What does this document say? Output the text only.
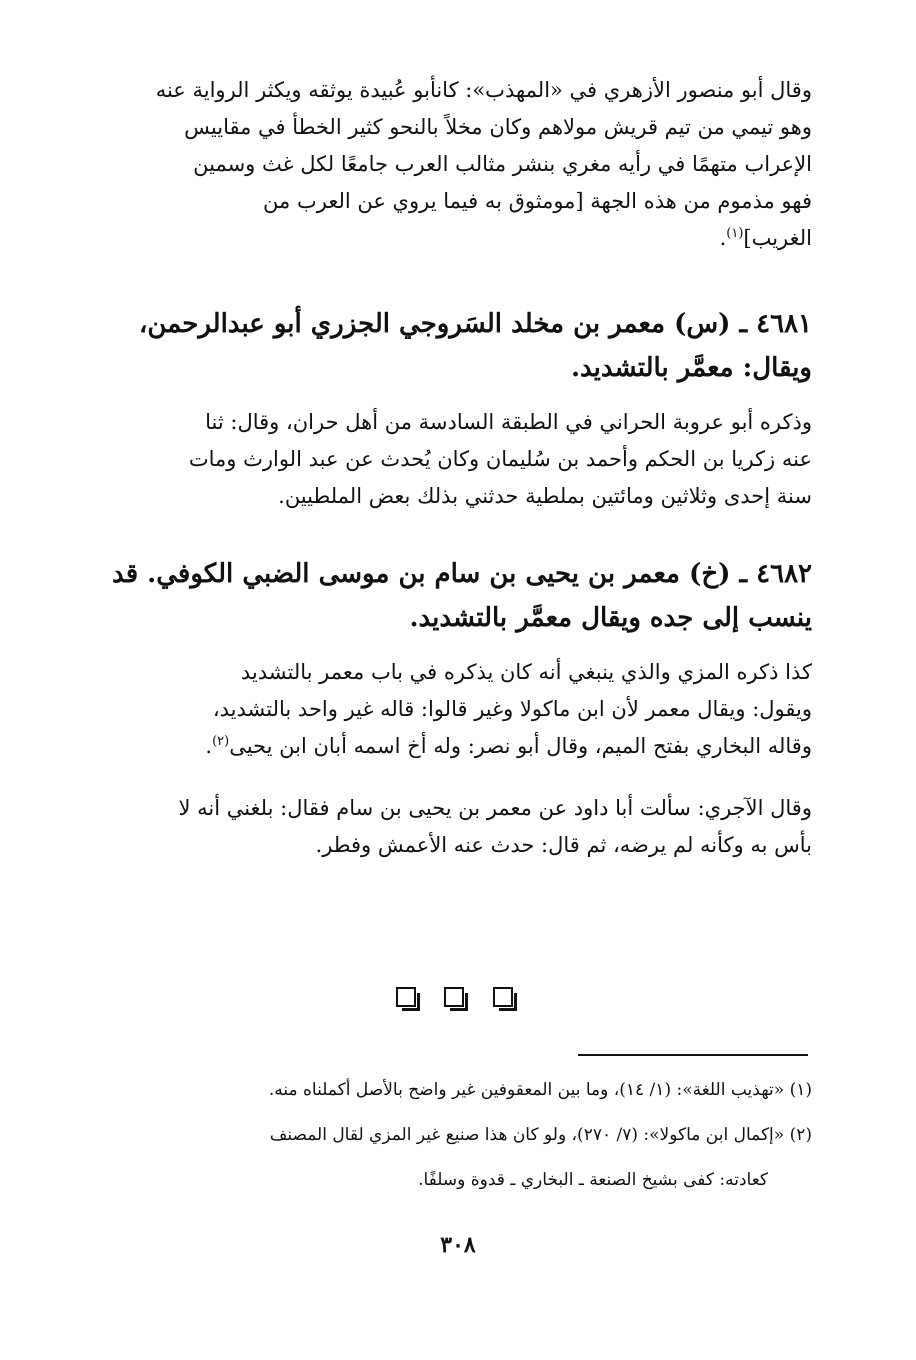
وقال أبو منصور الأزهري في «المهذب»: كانأبو عُبيدة يوثقه ويكثر الرواية عنه
وهو تيمي من تيم قريش مولاهم وكان مخلاً بالنحو كثير الخطأ في مقاييس
الإعراب متهمًا في رأيه مغري بنشر مثالب العرب جامعًا لكل غث وسمين
فهو مذموم من هذه الجهة [مومثوق به فيما يروي عن العرب من
الغريب]$^{(١)}$.
٤٦٨١ ـ (س) معمر بن مخلد السَروجي الجزري أبو عبدالرحمن،
ويقال: معمَّر بالتشديد.
وذكره أبو عروبة الحراني في الطبقة السادسة من أهل حران، وقال: ثنا
عنه زكريا بن الحكم وأحمد بن سُليمان وكان يُحدث عن عبد الوارث ومات
سنة إحدى وثلاثين ومائتين بملطية حدثني بذلك بعض الملطيين.
٤٦٨٢ ـ (خ) معمر بن يحيى بن سام بن موسى الضبي الكوفي. قد
ينسب إلى جده ويقال معمَّر بالتشديد.
كذا ذكره المزي والذي ينبغي أنه كان يذكره في باب معمر بالتشديد
ويقول: ويقال معمر لأن ابن ماكولا وغير قالوا: قاله غير واحد بالتشديد،
وقاله البخاري بفتح الميم، وقال أبو نصر: وله أخ اسمه أبان ابن يحيى$^{(٢)}$.
وقال الآجري: سألت أبا داود عن معمر بن يحيى بن سام فقال: بلغني أنه لا
بأس به وكأنه لم يرضه، ثم قال: حدث عنه الأعمش وفطر.
(١) «تهذيب اللغة»: (١/ ١٤)، وما بين المعقوفين غير واضح بالأصل أكملناه منه.
(٢) «إكمال ابن ماكولا»: (٧/ ٢٧٠)، ولو كان هذا صنيع غير المزي لقال المصنف
كعادته: كفى بشيخ الصنعة ـ البخاري ـ قدوة وسلفًا.
٣٠٨
